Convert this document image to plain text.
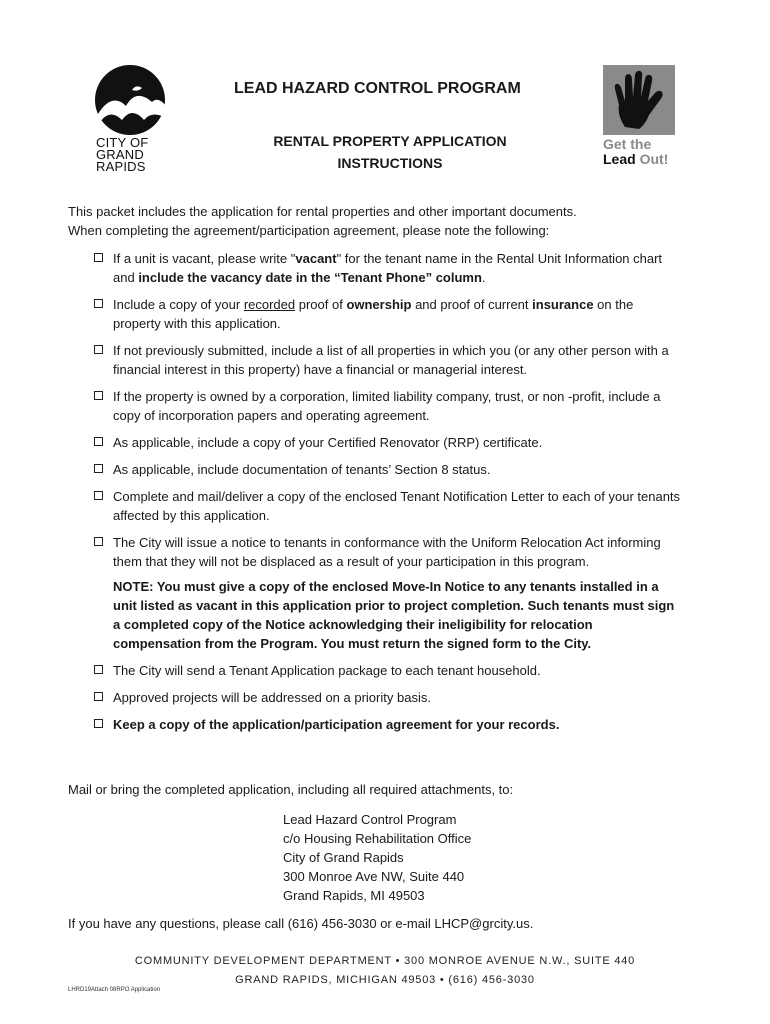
CITY OF
GRAND
RAPIDS
LEAD HAZARD CONTROL PROGRAM
RENTAL PROPERTY APPLICATION
INSTRUCTIONS
Get the
Lead Out!
This packet includes the application for rental properties and other important documents.
When completing the agreement/participation agreement, please note the following:
If a unit is vacant, please write "vacant" for the tenant name in the Rental Unit Information chart and include the vacancy date in the “Tenant Phone” column.
Include a copy of your recorded proof of ownership and proof of current insurance on the property with this application.
If not previously submitted, include a list of all properties in which you (or any other person with a financial interest in this property) have a financial or managerial interest.
If the property is owned by a corporation, limited liability company, trust, or non -profit, include a copy of incorporation papers and operating agreement.
As applicable, include a copy of your Certified Renovator (RRP) certificate.
As applicable, include documentation of tenants’ Section 8 status.
Complete and mail/deliver a copy of the enclosed Tenant Notification Letter to each of your tenants affected by this application.
The City will issue a notice to tenants in conformance with the Uniform Relocation Act informing them that they will not be displaced as a result of your participation in this program.
NOTE: You must give a copy of the enclosed Move-In Notice to any tenants installed in a unit listed as vacant in this application prior to project completion. Such tenants must sign a completed copy of the Notice acknowledging their ineligibility for relocation compensation from the Program. You must return the signed form to the City.
The City will send a Tenant Application package to each tenant household.
Approved projects will be addressed on a priority basis.
Keep a copy of the application/participation agreement for your records.
Mail or bring the completed application, including all required attachments, to:
Lead Hazard Control Program
c/o Housing Rehabilitation Office
City of Grand Rapids
300 Monroe Ave NW, Suite 440
Grand Rapids, MI 49503
If you have any questions, please call (616) 456-3030 or e-mail LHCP@grcity.us.
COMMUNITY DEVELOPMENT DEPARTMENT • 300 MONROE AVENUE N.W., SUITE 440
GRAND RAPIDS, MICHIGAN 49503 • (616) 456-3030
LHRD19Attach 08RPO Application
